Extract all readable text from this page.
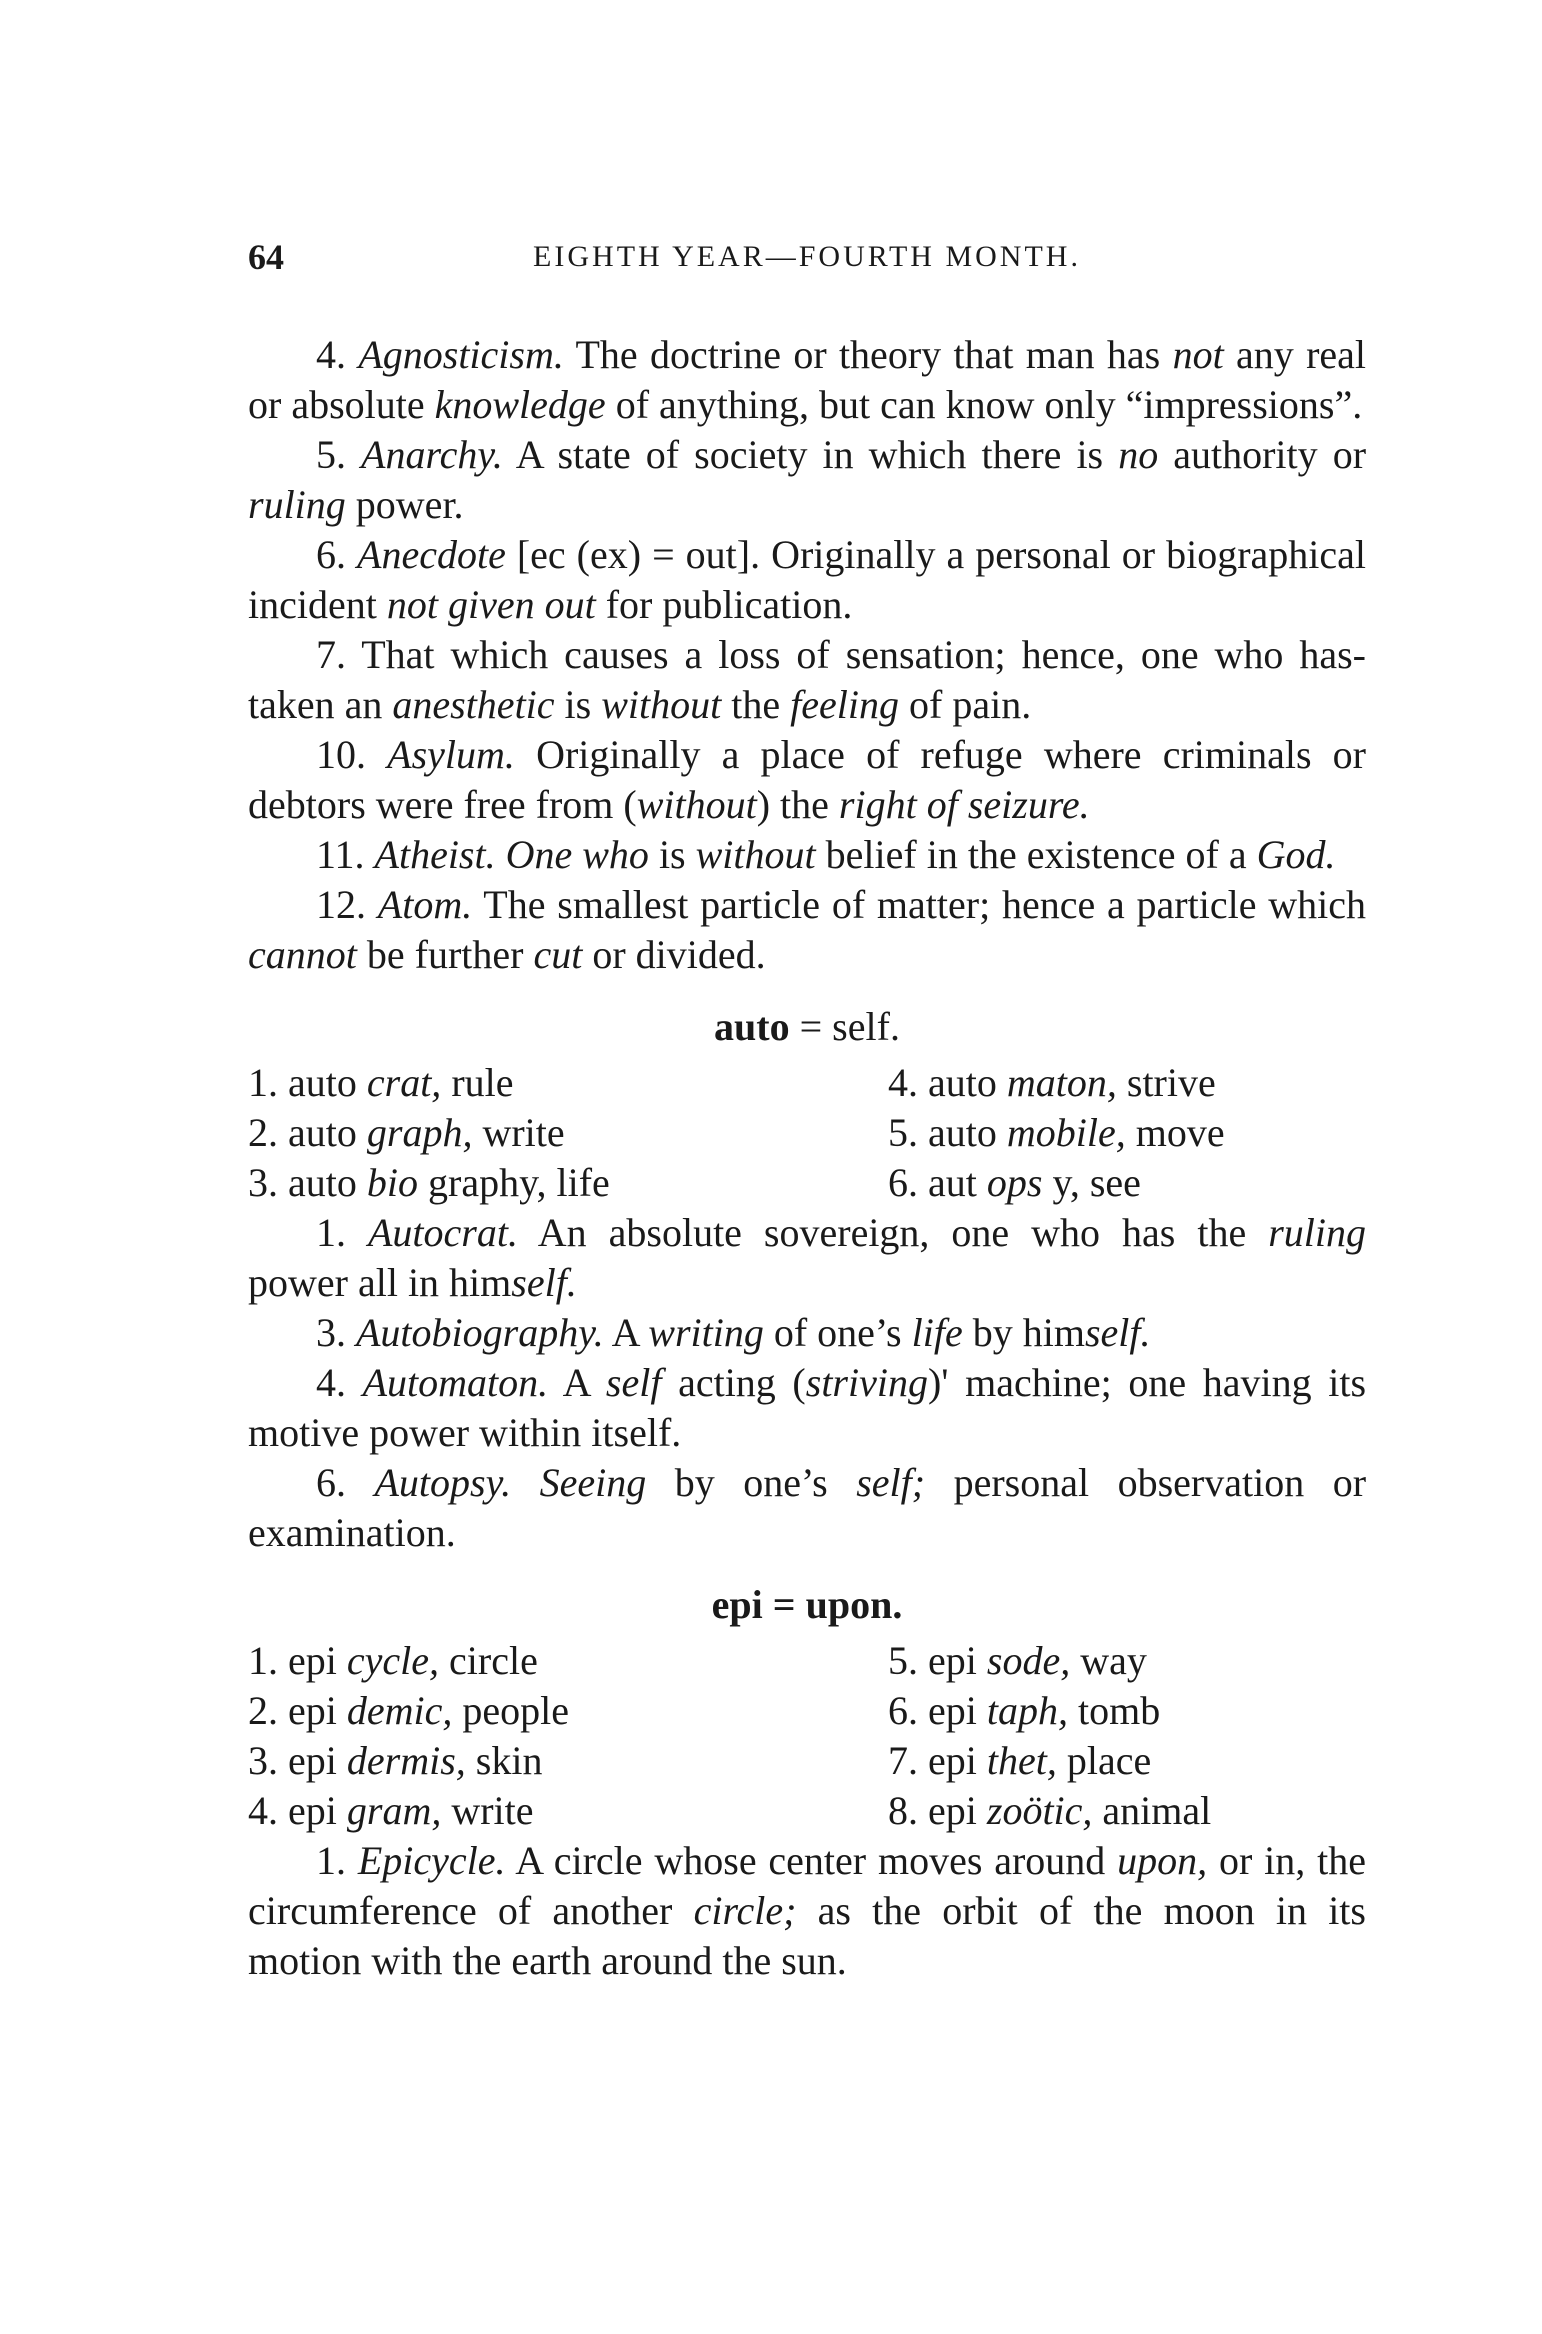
64	EIGHTH YEAR—FOURTH MONTH.

4. Agnosticism. The doctrine or theory that man has not any real or absolute knowledge of anything, but can know only “impressions”.

5. Anarchy. A state of society in which there is no authority or ruling power.

6. Anecdote [ec (ex) = out]. Originally a personal or biographical incident not given out for publication.

7. That which causes a loss of sensation; hence, one who has-taken an anesthetic is without the feeling of pain.

10. Asylum. Originally a place of refuge where criminals or debtors were free from (without) the right of seizure.

11. Atheist. One who is without belief in the existence of a God.

12. Atom. The smallest particle of matter; hence a particle which cannot be further cut or divided.

auto = self.
1. auto crat, rule	4. auto maton, strive
2. auto graph, write	5. auto mobile, move
3. auto bio graphy, life	6. aut ops y, see

1. Autocrat. An absolute sovereign, one who has the ruling power all in himself.

3. Autobiography. A writing of one’s life by himself.

4. Automaton. A self acting (striving)' machine; one having its motive power within itself.

6. Autopsy. Seeing by one’s self; personal observation or examination.

epi = upon.
1. epi cycle, circle	5. epi sode, way
2. epi demic, people	6. epi taph, tomb
3. epi dermis, skin	7. epi thet, place
4. epi gram, write	8. epi zoötic, animal

1. Epicycle. A circle whose center moves around upon, or in, the circumference of another circle; as the orbit of the moon in its motion with the earth around the sun.
